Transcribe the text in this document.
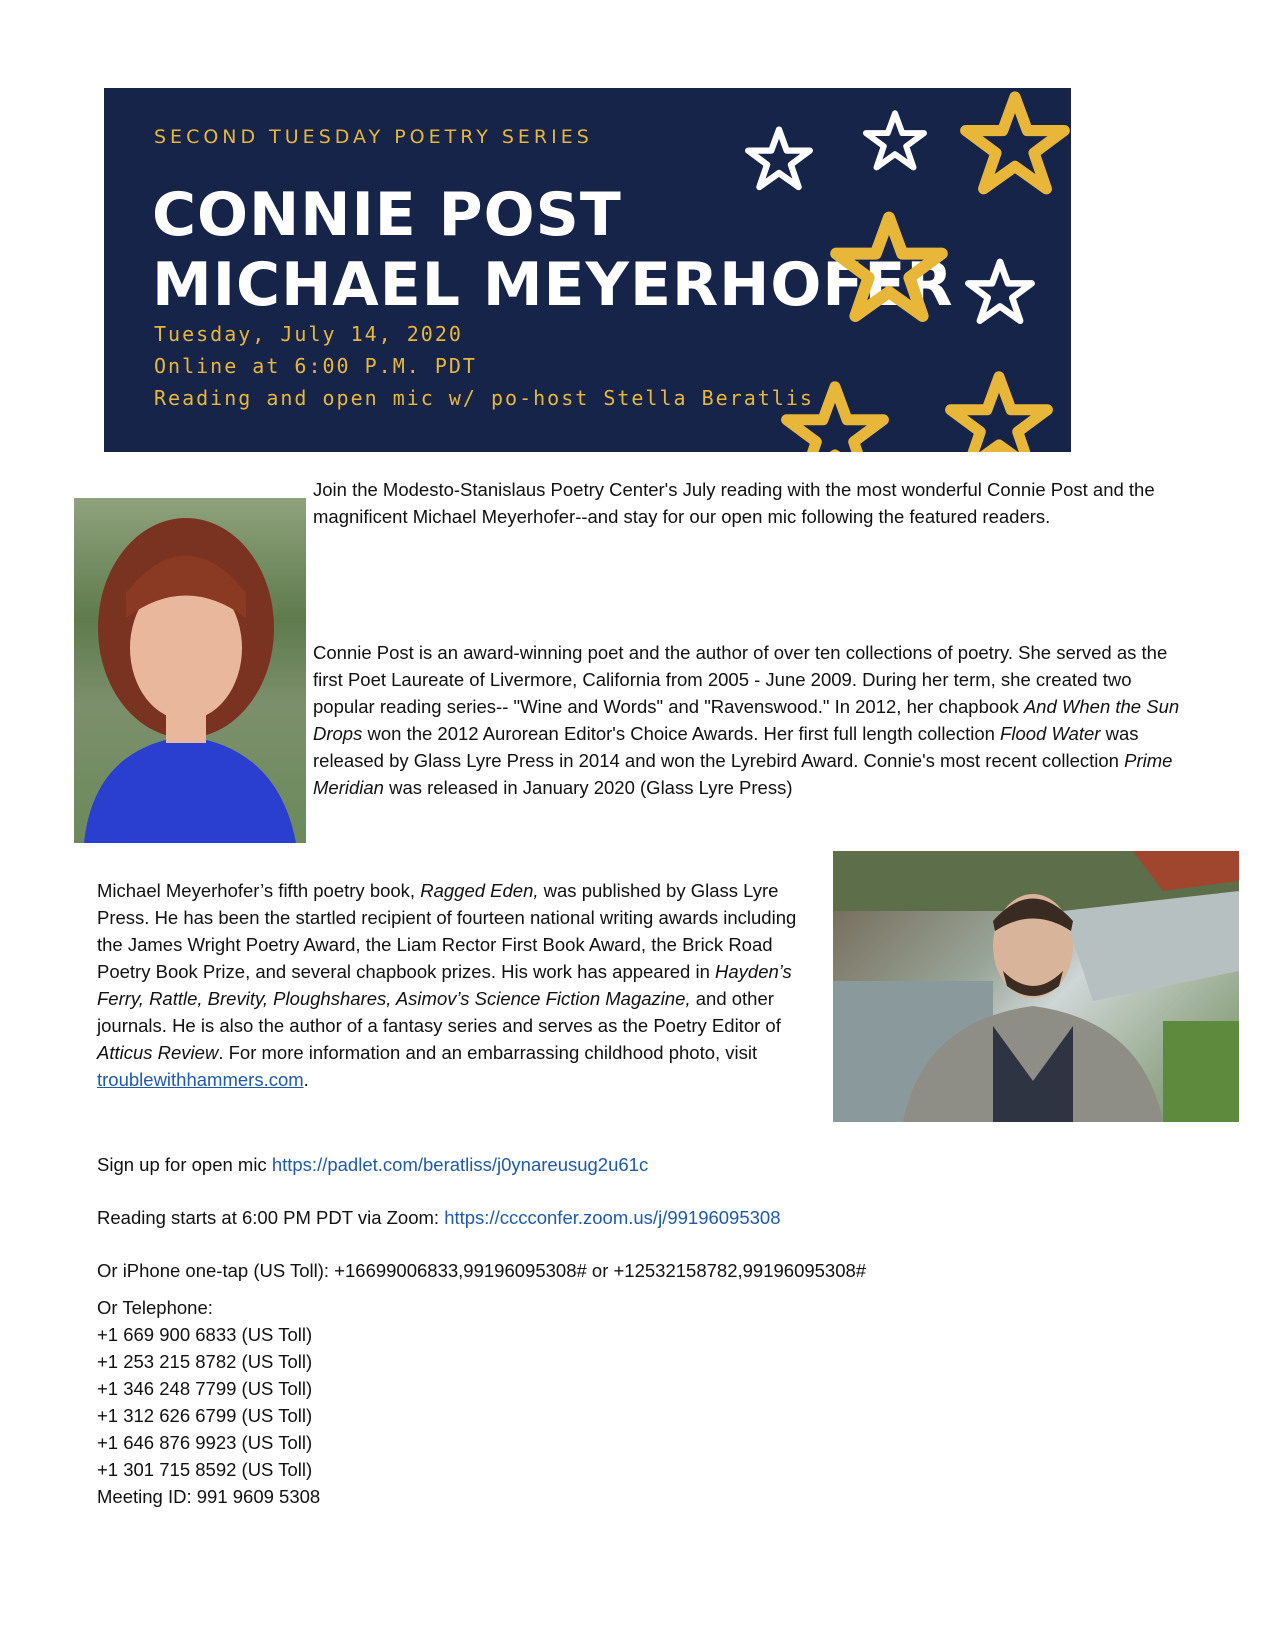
SECOND TUESDAY POETRY SERIES
CONNIE POST
MICHAEL MEYERHOFER
Tuesday, July 14, 2020
Online at 6:00 P.M. PDT
Reading and open mic w/ po-host Stella Beratlis

Join the Modesto-Stanislaus Poetry Center's July reading with the most wonderful Connie Post and the magnificent Michael Meyerhofer--and stay for our open mic following the featured readers.

Connie Post is an award-winning poet and the author of over ten collections of poetry. She served as the first Poet Laureate of Livermore, California from 2005 - June 2009. During her term, she created two popular reading series-- "Wine and Words" and "Ravenswood." In 2012, her chapbook And When the Sun Drops won the 2012 Aurorean Editor's Choice Awards. Her first full length collection Flood Water was released by Glass Lyre Press in 2014 and won the Lyrebird Award. Connie's most recent collection Prime Meridian was released in January 2020 (Glass Lyre Press)

Michael Meyerhofer’s fifth poetry book, Ragged Eden, was published by Glass Lyre Press. He has been the startled recipient of fourteen national writing awards including the James Wright Poetry Award, the Liam Rector First Book Award, the Brick Road Poetry Book Prize, and several chapbook prizes. His work has appeared in Hayden’s Ferry, Rattle, Brevity, Ploughshares, Asimov’s Science Fiction Magazine, and other journals. He is also the author of a fantasy series and serves as the Poetry Editor of Atticus Review. For more information and an embarrassing childhood photo, visit troublewithhammers.com.

Sign up for open mic https://padlet.com/beratliss/j0ynareusug2u61c
Reading starts at 6:00 PM PDT via Zoom: https://cccconfer.zoom.us/j/99196095308
Or iPhone one-tap (US Toll): +16699006833,99196095308# or +12532158782,99196095308#
Or Telephone:
+1 669 900 6833 (US Toll)
+1 253 215 8782 (US Toll)
+1 346 248 7799 (US Toll)
+1 312 626 6799 (US Toll)
+1 646 876 9923 (US Toll)
+1 301 715 8592 (US Toll)
Meeting ID: 991 9609 5308
